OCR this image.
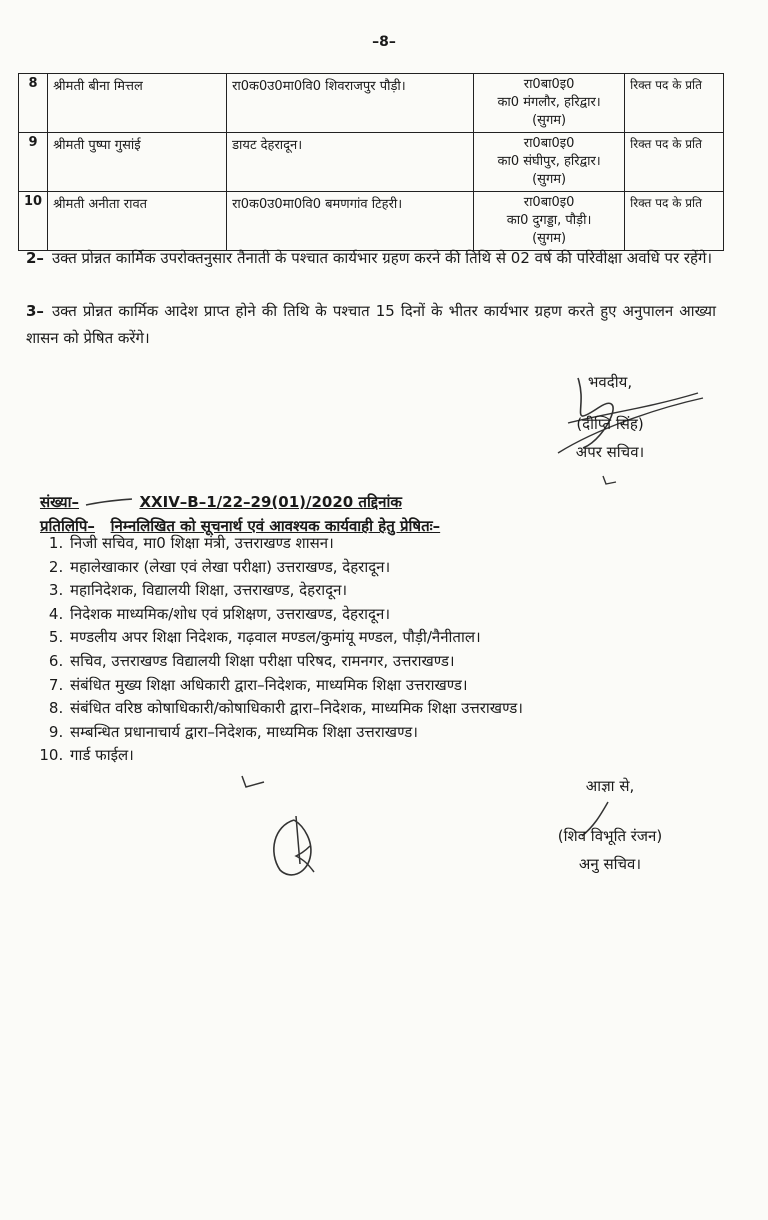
–8–
8	श्रीमती बीना मित्तल	रा0क0उ0मा0वि0 शिवराजपुर पौड़ी।	रा0बा0इ0
का0 मंगलौर, हरिद्वार।
(सुगम)	रिक्त पद के प्रति
9	श्रीमती पुष्पा गुसांई	डायट देहरादून।	रा0बा0इ0
का0 संघीपुर, हरिद्वार।
(सुगम)	रिक्त पद के प्रति
10	श्रीमती अनीता रावत	रा0क0उ0मा0वि0 बमणगांव टिहरी।	रा0बा0इ0
का0 दुगड्डा, पौड़ी।
(सुगम)	रिक्त पद के प्रति
2– उक्त प्रोन्नत कार्मिक उपरोक्तनुसार तैनाती के पश्चात कार्यभार ग्रहण करने की तिथि से 02 वर्ष की परिवीक्षा अवधि पर रहेंगे।
3– उक्त प्रोन्नत कार्मिक आदेश प्राप्त होने की तिथि के पश्चात 15 दिनों के भीतर कार्यभार ग्रहण करते हुए अनुपालन आख्या शासन को प्रेषित करेंगे।
भवदीय,
(दीप्ति सिंह)
अपर सचिव।
संख्या–	XXIV–B–1/22–29(01)/2020 तद्दिनांक
प्रतिलिपि– निम्नलिखित को सूचनार्थ एवं आवश्यक कार्यवाही हेतु प्रेषितः–
1. निजी सचिव, मा0 शिक्षा मंत्री, उत्तराखण्ड शासन।
2. महालेखाकार (लेखा एवं लेखा परीक्षा) उत्तराखण्ड, देहरादून।
3. महानिदेशक, विद्यालयी शिक्षा, उत्तराखण्ड, देहरादून।
4. निदेशक माध्यमिक/शोध एवं प्रशिक्षण, उत्तराखण्ड, देहरादून।
5. मण्डलीय अपर शिक्षा निदेशक, गढ़वाल मण्डल/कुमांयू मण्डल, पौड़ी/नैनीताल।
6. सचिव, उत्तराखण्ड विद्यालयी शिक्षा परीक्षा परिषद, रामनगर, उत्तराखण्ड।
7. संबंधित मुख्य शिक्षा अधिकारी द्वारा–निदेशक, माध्यमिक शिक्षा उत्तराखण्ड।
8. संबंधित वरिष्ठ कोषाधिकारी/कोषाधिकारी द्वारा–निदेशक, माध्यमिक शिक्षा उत्तराखण्ड।
9. सम्बन्धित प्रधानाचार्य द्वारा–निदेशक, माध्यमिक शिक्षा उत्तराखण्ड।
10. गार्ड फाईल।
आज्ञा से,
(शिव विभूति रंजन)
अनु सचिव।
